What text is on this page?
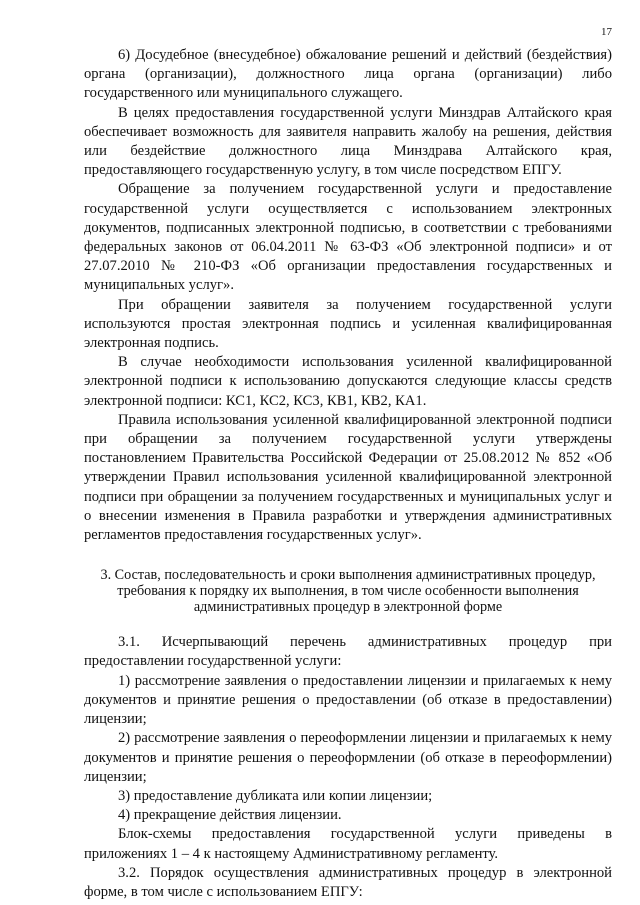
17

6) Досудебное (внесудебное) обжалование решений и действий (бездействия) органа (организации), должностного лица органа (организации) либо государственного или муниципального служащего.

В целях предоставления государственной услуги Минздрав Алтайского края обеспечивает возможность для заявителя направить жалобу на решения, действия или бездействие должностного лица Минздрава Алтайского края, предоставляющего государственную услугу, в том числе посредством ЕПГУ.

Обращение за получением государственной услуги и предоставление государственной услуги осуществляется с использованием электронных документов, подписанных электронной подписью, в соответствии с требованиями федеральных законов от 06.04.2011 № 63-ФЗ «Об электронной подписи» и от 27.07.2010 № 210-ФЗ «Об организации предоставления государственных и муниципальных услуг».

При обращении заявителя за получением государственной услуги используются простая электронная подпись и усиленная квалифицированная электронная подпись.

В случае необходимости использования усиленной квалифицированной электронной подписи к использованию допускаются следующие классы средств электронной подписи: КС1, КС2, КС3, КВ1, КВ2, КА1.

Правила использования усиленной квалифицированной электронной подписи при обращении за получением государственной услуги утверждены постановлением Правительства Российской Федерации от 25.08.2012 № 852 «Об утверждении Правил использования усиленной квалифицированной электронной подписи при обращении за получением государственных и муниципальных услуг и о внесении изменения в Правила разработки и утверждения административных регламентов предоставления государственных услуг».

3. Состав, последовательность и сроки выполнения административных процедур,
требования к порядку их выполнения, в том числе особенности выполнения
административных процедур в электронной форме

3.1. Исчерпывающий перечень административных процедур при предоставлении государственной услуги:

1) рассмотрение заявления о предоставлении лицензии и прилагаемых к нему документов и принятие решения о предоставлении (об отказе в предоставлении) лицензии;

2) рассмотрение заявления о переоформлении лицензии и прилагаемых к нему документов и принятие решения о переоформлении (об отказе в переоформлении) лицензии;

3) предоставление дубликата или копии лицензии;

4) прекращение действия лицензии.

Блок-схемы предоставления государственной услуги приведены в приложениях 1 – 4 к настоящему Административному регламенту.

3.2. Порядок осуществления административных процедур в электронной форме, в том числе с использованием ЕПГУ:
